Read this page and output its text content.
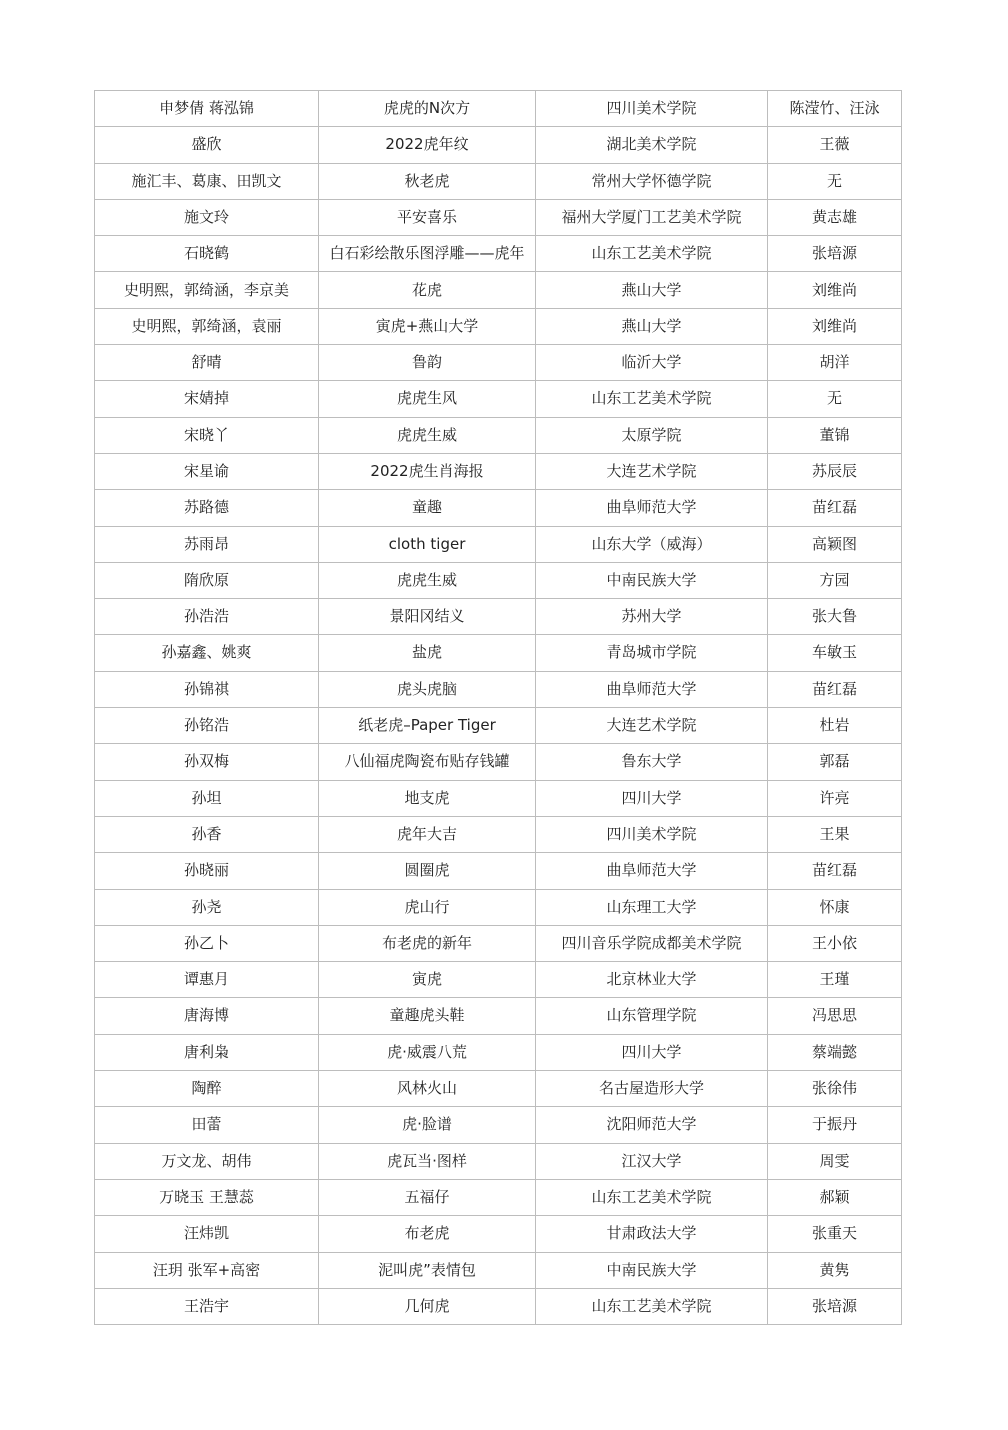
申梦倩 蒋泓锦	虎虎的N次方	四川美术学院	陈滢竹、汪泳
盛欣	2022虎年纹	湖北美术学院	王薇
施汇丰、葛康、田凯文	秋老虎	常州大学怀德学院	无
施文玲	平安喜乐	福州大学厦门工艺美术学院	黄志雄
石晓鹤	白石彩绘散乐图浮雕——虎年	山东工艺美术学院	张培源
史明熙，郭绮涵，李京美	花虎	燕山大学	刘维尚
史明熙，郭绮涵，袁丽	寅虎+燕山大学	燕山大学	刘维尚
舒晴	鲁韵	临沂大学	胡洋
宋婧掉	虎虎生风	山东工艺美术学院	无
宋晓丫	虎虎生威	太原学院	董锦
宋星谕	2022虎生肖海报	大连艺术学院	苏辰辰
苏路德	童趣	曲阜师范大学	苗红磊
苏雨昂	cloth tiger	山东大学（威海）	高颖图
隋欣原	虎虎生威	中南民族大学	方园
孙浩浩	景阳冈结义	苏州大学	张大鲁
孙嘉鑫、姚爽	盐虎	青岛城市学院	车敏玉
孙锦祺	虎头虎脑	曲阜师范大学	苗红磊
孙铭浩	纸老虎–Paper Tiger	大连艺术学院	杜岩
孙双梅	八仙福虎陶瓷布贴存钱罐	鲁东大学	郭磊
孙坦	地支虎	四川大学	许亮
孙香	虎年大吉	四川美术学院	王果
孙晓丽	圆圈虎	曲阜师范大学	苗红磊
孙尧	虎山行	山东理工大学	怀康
孙乙卜	布老虎的新年	四川音乐学院成都美术学院	王小依
谭惠月	寅虎	北京林业大学	王瑾
唐海博	童趣虎头鞋	山东管理学院	冯思思
唐利枭	虎·威震八荒	四川大学	蔡端懿
陶醉	风林火山	名古屋造形大学	张徐伟
田蕾	虎·脸谱	沈阳师范大学	于振丹
万文龙、胡伟	虎瓦当·图样	江汉大学	周雯
万晓玉 王慧蕊	五福仔	山东工艺美术学院	郝颖
汪炜凯	布老虎	甘肃政法大学	张重天
汪玥 张军+高密	泥叫虎”表情包	中南民族大学	黄隽
王浩宇	几何虎	山东工艺美术学院	张培源
